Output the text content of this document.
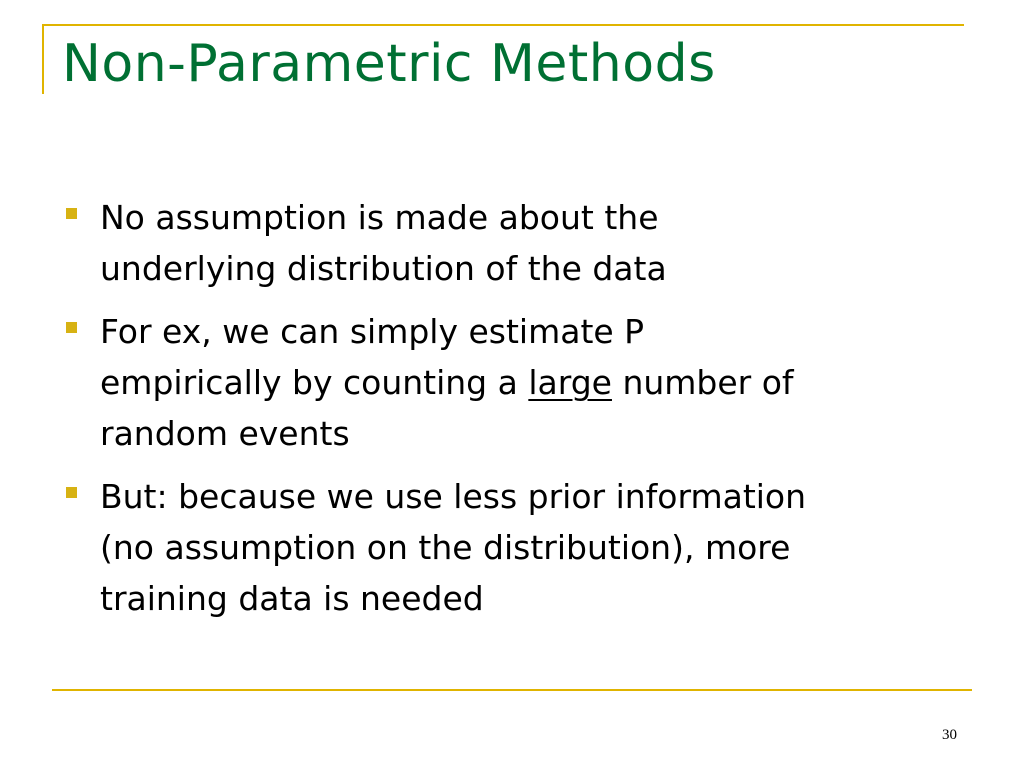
Non-Parametric Methods
No assumption is made about the
underlying distribution of the data
For ex, we can simply estimate P
empirically by counting a large number of
random events
But: because we use less prior information
(no assumption on the distribution), more
training data is needed
30
